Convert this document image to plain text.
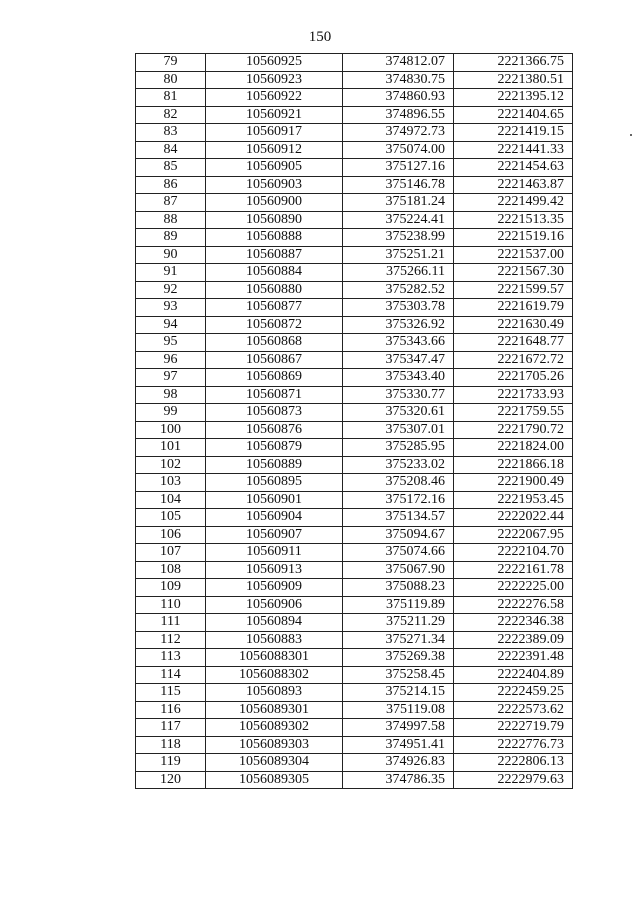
150
79	10560925	374812.07	2221366.75
80	10560923	374830.75	2221380.51
81	10560922	374860.93	2221395.12
82	10560921	374896.55	2221404.65
83	10560917	374972.73	2221419.15
84	10560912	375074.00	2221441.33
85	10560905	375127.16	2221454.63
86	10560903	375146.78	2221463.87
87	10560900	375181.24	2221499.42
88	10560890	375224.41	2221513.35
89	10560888	375238.99	2221519.16
90	10560887	375251.21	2221537.00
91	10560884	375266.11	2221567.30
92	10560880	375282.52	2221599.57
93	10560877	375303.78	2221619.79
94	10560872	375326.92	2221630.49
95	10560868	375343.66	2221648.77
96	10560867	375347.47	2221672.72
97	10560869	375343.40	2221705.26
98	10560871	375330.77	2221733.93
99	10560873	375320.61	2221759.55
100	10560876	375307.01	2221790.72
101	10560879	375285.95	2221824.00
102	10560889	375233.02	2221866.18
103	10560895	375208.46	2221900.49
104	10560901	375172.16	2221953.45
105	10560904	375134.57	2222022.44
106	10560907	375094.67	2222067.95
107	10560911	375074.66	2222104.70
108	10560913	375067.90	2222161.78
109	10560909	375088.23	2222225.00
110	10560906	375119.89	2222276.58
111	10560894	375211.29	2222346.38
112	10560883	375271.34	2222389.09
113	1056088301	375269.38	2222391.48
114	1056088302	375258.45	2222404.89
115	10560893	375214.15	2222459.25
116	1056089301	375119.08	2222573.62
117	1056089302	374997.58	2222719.79
118	1056089303	374951.41	2222776.73
119	1056089304	374926.83	2222806.13
120	1056089305	374786.35	2222979.63
